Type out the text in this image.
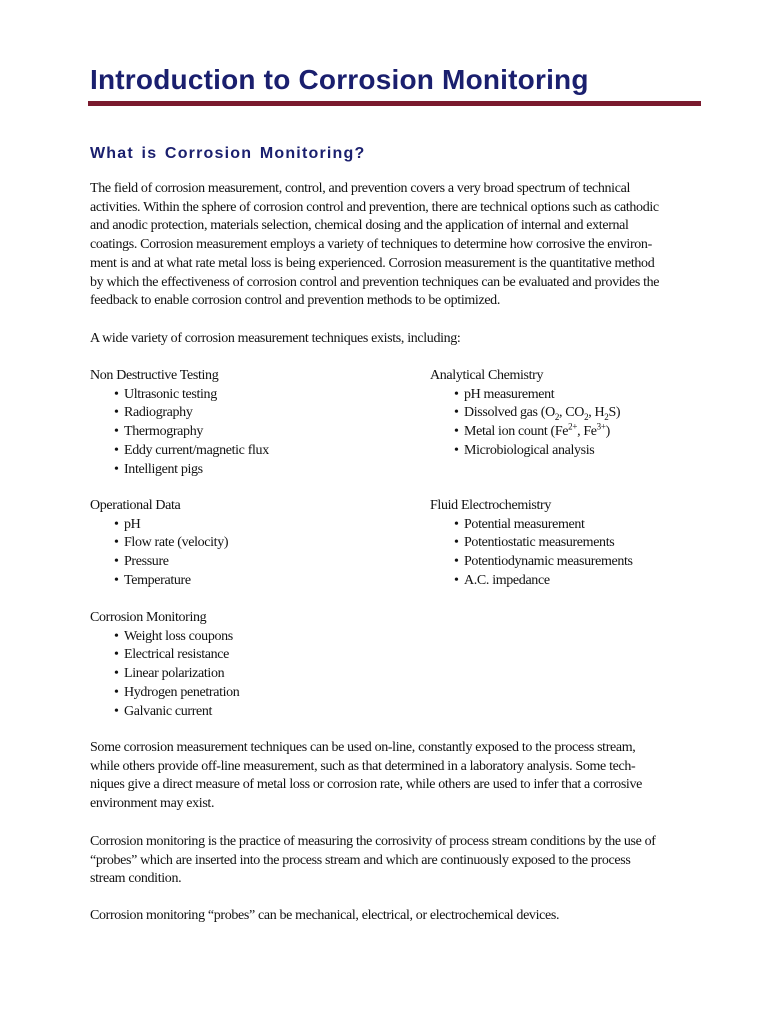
Introduction to Corrosion Monitoring
What is Corrosion Monitoring?

The field of corrosion measurement, control, and prevention covers a very broad spectrum of technical
activities. Within the sphere of corrosion control and prevention, there are technical options such as cathodic
and anodic protection, materials selection, chemical dosing and the application of internal and external
coatings. Corrosion measurement employs a variety of techniques to determine how corrosive the environ-
ment is and at what rate metal loss is being experienced. Corrosion measurement is the quantitative method
by which the effectiveness of corrosion control and prevention techniques can be evaluated and provides the
feedback to enable corrosion control and prevention methods to be optimized.

A wide variety of corrosion measurement techniques exists, including:

Non Destructive Testing

• Ultrasonic testing
• Radiography
• Thermography
• Eddy current/magnetic flux
• Intelligent pigs

Analytical Chemistry

• pH measurement
• Dissolved gas ($O_2$, $CO_2$, $H_2S$)
• Metal ion count ($Fe^{2+}$, $Fe^{3+}$)
• Microbiological analysis

Operational Data

• pH
• Flow rate (velocity)
• Pressure
• Temperature

Fluid Electrochemistry

• Potential measurement
• Potentiostatic measurements
• Potentiodynamic measurements
• A.C. impedance

Corrosion Monitoring

• Weight loss coupons
• Electrical resistance
• Linear polarization
• Hydrogen penetration
• Galvanic current

Some corrosion measurement techniques can be used on-line, constantly exposed to the process stream,
while others provide off-line measurement, such as that determined in a laboratory analysis. Some tech-
niques give a direct measure of metal loss or corrosion rate, while others are used to infer that a corrosive
environment may exist.

Corrosion monitoring is the practice of measuring the corrosivity of process stream conditions by the use of
“probes” which are inserted into the process stream and which are continuously exposed to the process
stream condition.

Corrosion monitoring “probes” can be mechanical, electrical, or electrochemical devices.
